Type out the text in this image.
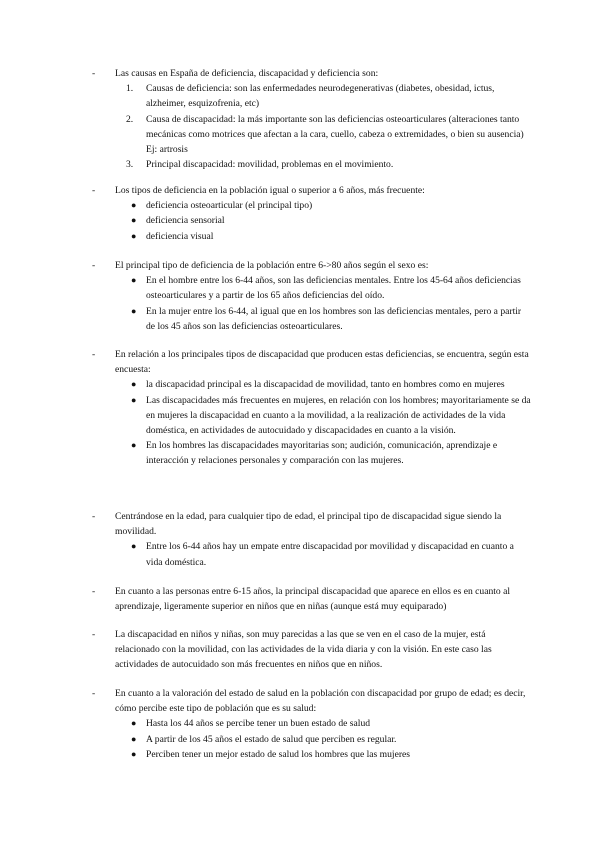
- Las causas en España de deficiencia, discapacidad y deficiencia son:
1. Causas de deficiencia: son las enfermedades neurodegenerativas (diabetes, obesidad, ictus, alzheimer, esquizofrenia, etc)
2. Causa de discapacidad: la más importante son las deficiencias osteoarticulares (alteraciones tanto mecánicas como motrices que afectan a la cara, cuello, cabeza o extremidades, o bien su ausencia) Ej: artrosis
3. Principal discapacidad: movilidad, problemas en el movimiento.
- Los tipos de deficiencia en la población igual o superior a 6 años, más frecuente:
● deficiencia osteoarticular (el principal tipo)
● deficiencia sensorial
● deficiencia visual
- El principal tipo de deficiencia de la población entre 6->80 años según el sexo es:
● En el hombre entre los 6-44 años, son las deficiencias mentales. Entre los 45-64 años deficiencias osteoarticulares y a partir de los 65 años deficiencias del oído.
● En la mujer entre los 6-44, al igual que en los hombres son las deficiencias mentales, pero a partir de los 45 años son las deficiencias osteoarticulares.
- En relación a los principales tipos de discapacidad que producen estas deficiencias, se encuentra, según esta encuesta:
● la discapacidad principal es la discapacidad de movilidad, tanto en hombres como en mujeres
● Las discapacidades más frecuentes en mujeres, en relación con los hombres; mayoritariamente se da en mujeres la discapacidad en cuanto a la movilidad, a la realización de actividades de la vida doméstica, en actividades de autocuidado y discapacidades en cuanto a la visión.
● En los hombres las discapacidades mayoritarias son; audición, comunicación, aprendizaje e interacción y relaciones personales y comparación con las mujeres.
- Centrándose en la edad, para cualquier tipo de edad, el principal tipo de discapacidad sigue siendo la movilidad.
● Entre los 6-44 años hay un empate entre discapacidad por movilidad y discapacidad en cuanto a vida doméstica.
- En cuanto a las personas entre 6-15 años, la principal discapacidad que aparece en ellos es en cuanto al aprendizaje, ligeramente superior en niños que en niñas (aunque está muy equiparado)
- La discapacidad en niños y niñas, son muy parecidas a las que se ven en el caso de la mujer, está relacionado con la movilidad, con las actividades de la vida diaria y con la visión. En este caso las actividades de autocuidado son más frecuentes en niños que en niños.
- En cuanto a la valoración del estado de salud en la población con discapacidad por grupo de edad; es decir, cómo percibe este tipo de población que es su salud:
● Hasta los 44 años se percibe tener un buen estado de salud
● A partir de los 45 años el estado de salud que perciben es regular.
● Perciben tener un mejor estado de salud los hombres que las mujeres
